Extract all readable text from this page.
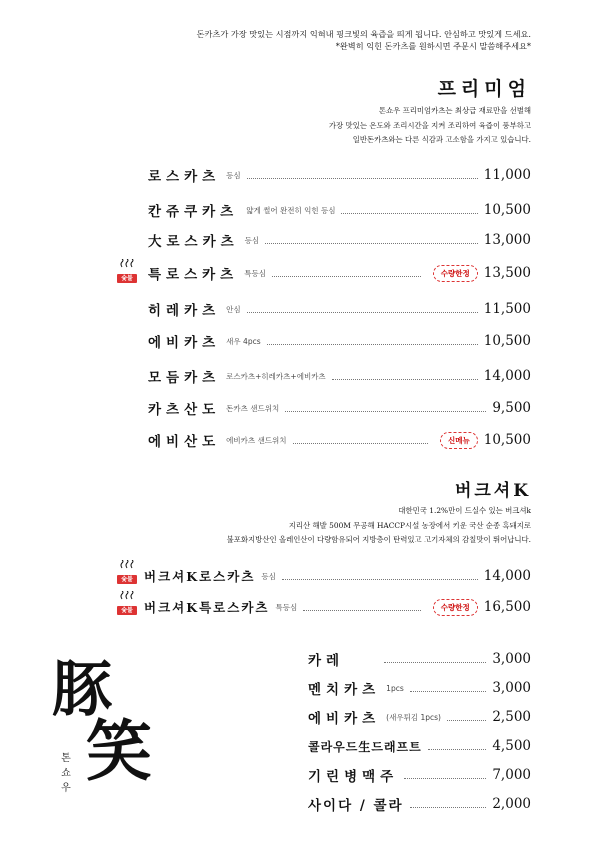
돈카츠가 가장 맛있는 시점까지 익혀내 핑크빛의 육즙을 띄게 됩니다. 안심하고 맛있게 드세요.
*완벽히 익힌 돈카츠를 원하시면 주문시 말씀해주세요*
프리미엄
톤쇼우 프리미엄카츠는 최상급 재료만을 선별해
가장 맛있는 온도와 조리시간을 지켜 조리하여 육즙이 풍부하고
일반돈카츠와는 다른 식감과 고소함을 가지고 있습니다.
로스카츠 등심	11,000
칸쥬쿠카츠 얇게 썰어 완전히 익힌 등심	10,500
大로스카츠 등심	13,000
숯불	특로스카츠 특등심	수량한정	13,500
히레카츠 안심	11,500
에비카츠 새우 4pcs	10,500
모듬카츠 로스카츠+히레카츠+에비카츠	14,000
카츠산도 돈카츠 샌드위치	9,500
에비산도 에비카츠 샌드위치	신메뉴	10,500
버크셔K
대한민국 1.2%만이 드실수 있는 버크셔k
지리산 해발 500M 무공해 HACCP시설 농장에서 키운 국산 순종 흑돼지로
불포화지방산인 올레인산이 다량함유되어 지방층이 탄력있고 고기자체의 감칠맛이 뛰어납니다.
숯불 버크셔K로스카츠 등심	14,000
숯불 버크셔K특로스카츠 특등심	수량한정	16,500
카레	3,000
멘치카츠 1pcs	3,000
에비카츠 (새우튀김 1pcs)	2,500
콜라우드生드래프트	4,500
기린병맥주	7,000
사이다 / 콜라	2,000
豚
笑
톤
쇼
우
